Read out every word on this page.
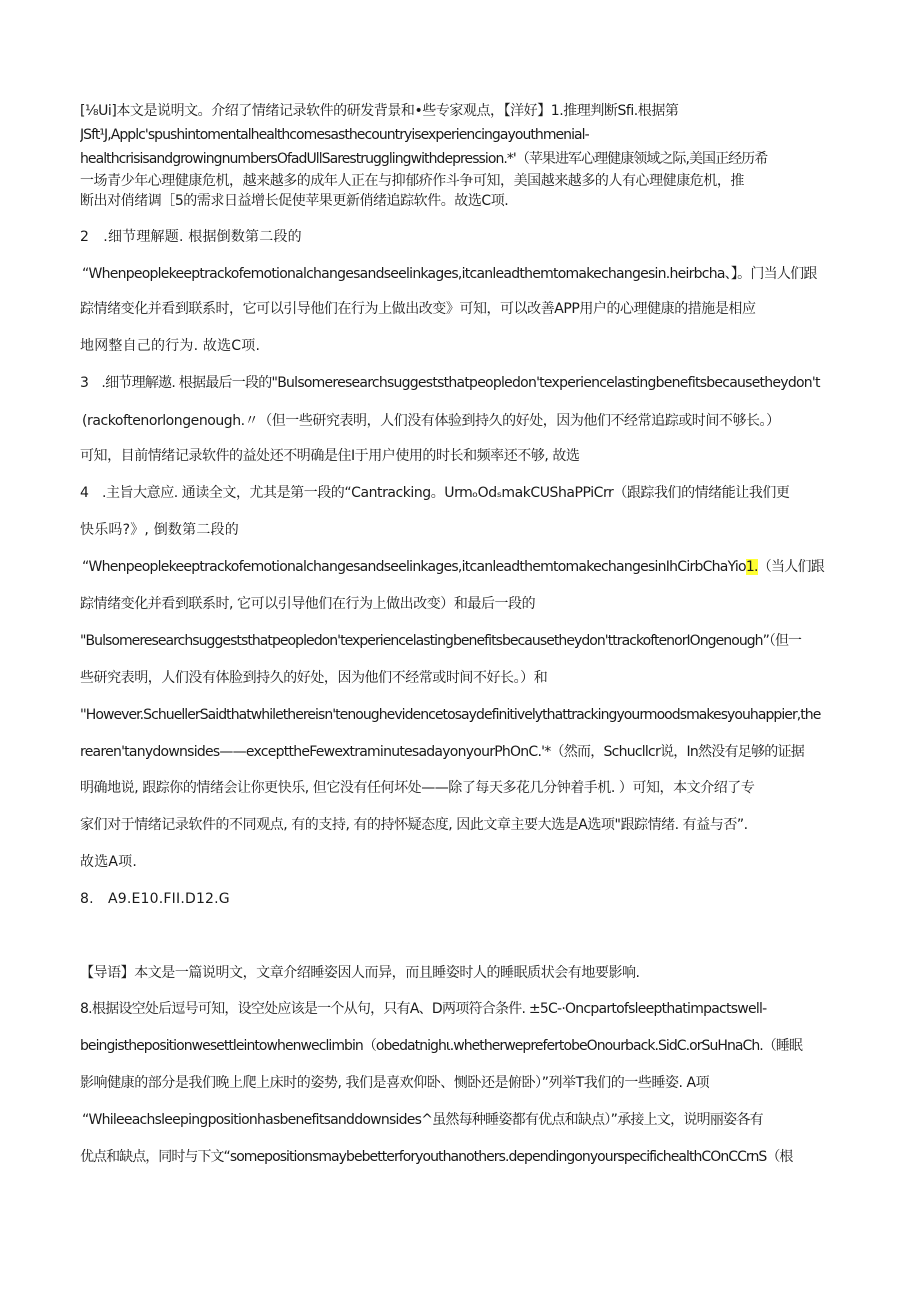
[⅛Ui]本文是说明文。介绍了情绪记录软件的研发背景和•些专家观点，【洋好】1.推理判断Sfi.根据第
JSft¹J,Applc'spushintomentalhealthcomesasthecountryisexperiencingayouthmenial-
healthcrisisandgrowingnumbersOfadUllSarestrugglingwithdepression.*'（苹果进军心理健康领域之际,美国正经历希
一场青少年心理健康危机，越来越多的成年人正在与抑郁疥作斗争可知，美国越来越多的人有心理健康危机，推
断出对俏绪调［5的需求日益增长促使苹果更新俏绪追踪软件。故选C项.
2　.细节理解题. 根据倒数第二段的
“Whenpeoplekeeptrackofemotionalchangesandseelinkages,itcanleadthemtomakechangesin.heirbcha、】。门当人们跟
踪情绪变化并看到联系时，它可以引导他们在行为上做出改变》可知，可以改善APP用户的心理健康的措施是相应
地网整自己的行为. 故选C项.
3　.细节理解遨. 根据最后一段的"Bulsomeresearchsuggeststhatpeopledon'texperiencelastingbenefitsbecausetheydon't
(rackoftenorlongenough.〃（但一些研究表明，人们没有体验到持久的好处，因为他们不经常追踪或时间不够长。）
可知，目前情绪记录软件的益处还不明确是住I于用户使用的时长和频率还不够, 故选
4　.主旨大意应. 通读全文，尤其是第一段的“Cantracking。UrmₒOdₛmakCUShaPPiCrr（跟踪我们的情绪能让我们更
快乐吗?》, 倒数第二段的
“Whenpeoplekeeptrackofemotionalchangesandseelinkages,itcanleadthemtomakechangesinIhCirbChaYio1.（当人们跟
踪情绪变化并看到联系时, 它可以引导他们在行为上做出改变）和最后一段的
"Bulsomeresearchsuggeststhatpeopledon'texperiencelastingbenefitsbecausetheydon'ttrackoftenorIOngenough”（但一
些研究表明，人们没有体脸到持久的好处，因为他们不经常或时间不好长。）和
''However.SchuellerSaidthatwhilethereisn'tenoughevidencetosaydefinitivelythattrackingyourmoodsmakesyouhappier,the
rearen'tanydownsides——excepttheFewextraminutesadayonyourPhOnC.'*（然而，Schucllcr说，In然没有足够的证据
明确地说, 跟踪你的情绪会让你更快乐, 但它没有任何坏处——除了每天多花几分钟着手机. ）可知，本文介绍了专
家们对于情绪记录软件的不同观点, 有的支持, 有的持怀疑态度, 因此文章主要大选是A选项"跟踪情绪. 有益与否”.
故选A项.
8.　A9.E10.FII.D12.G
【导语】本文是一篇说明文，文章介绍睡姿因人而异，而且睡姿时人的睡眠质状会有地要影响.
8.根据设空处后逗号可知，设空处应该是一个从句，只有A、D两项符合条件. ±5C-·Oncpartofsleepthatimpactswell-
beingisthepositionwesettleintowhenweclimbin（obedatnighι.whetherweprefertobeOnourback.SidC.orSuHnaCh.（睡眠
影响健康的部分是我们晚上爬上床时的姿势, 我们是喜欢仰卧、恻卧还是俯卧）”列举T我们的一些睡姿. A项
“Whileeachsleepingpositionhasbenefitsanddownsides^虽然每种睡姿都有优点和缺点）”承接上文，说明丽姿各有
优点和缺点，同时与下文“somepositionsmaybebetterforyouthanothers.dependingonyourspecifichealthCOnCCrnS（根
